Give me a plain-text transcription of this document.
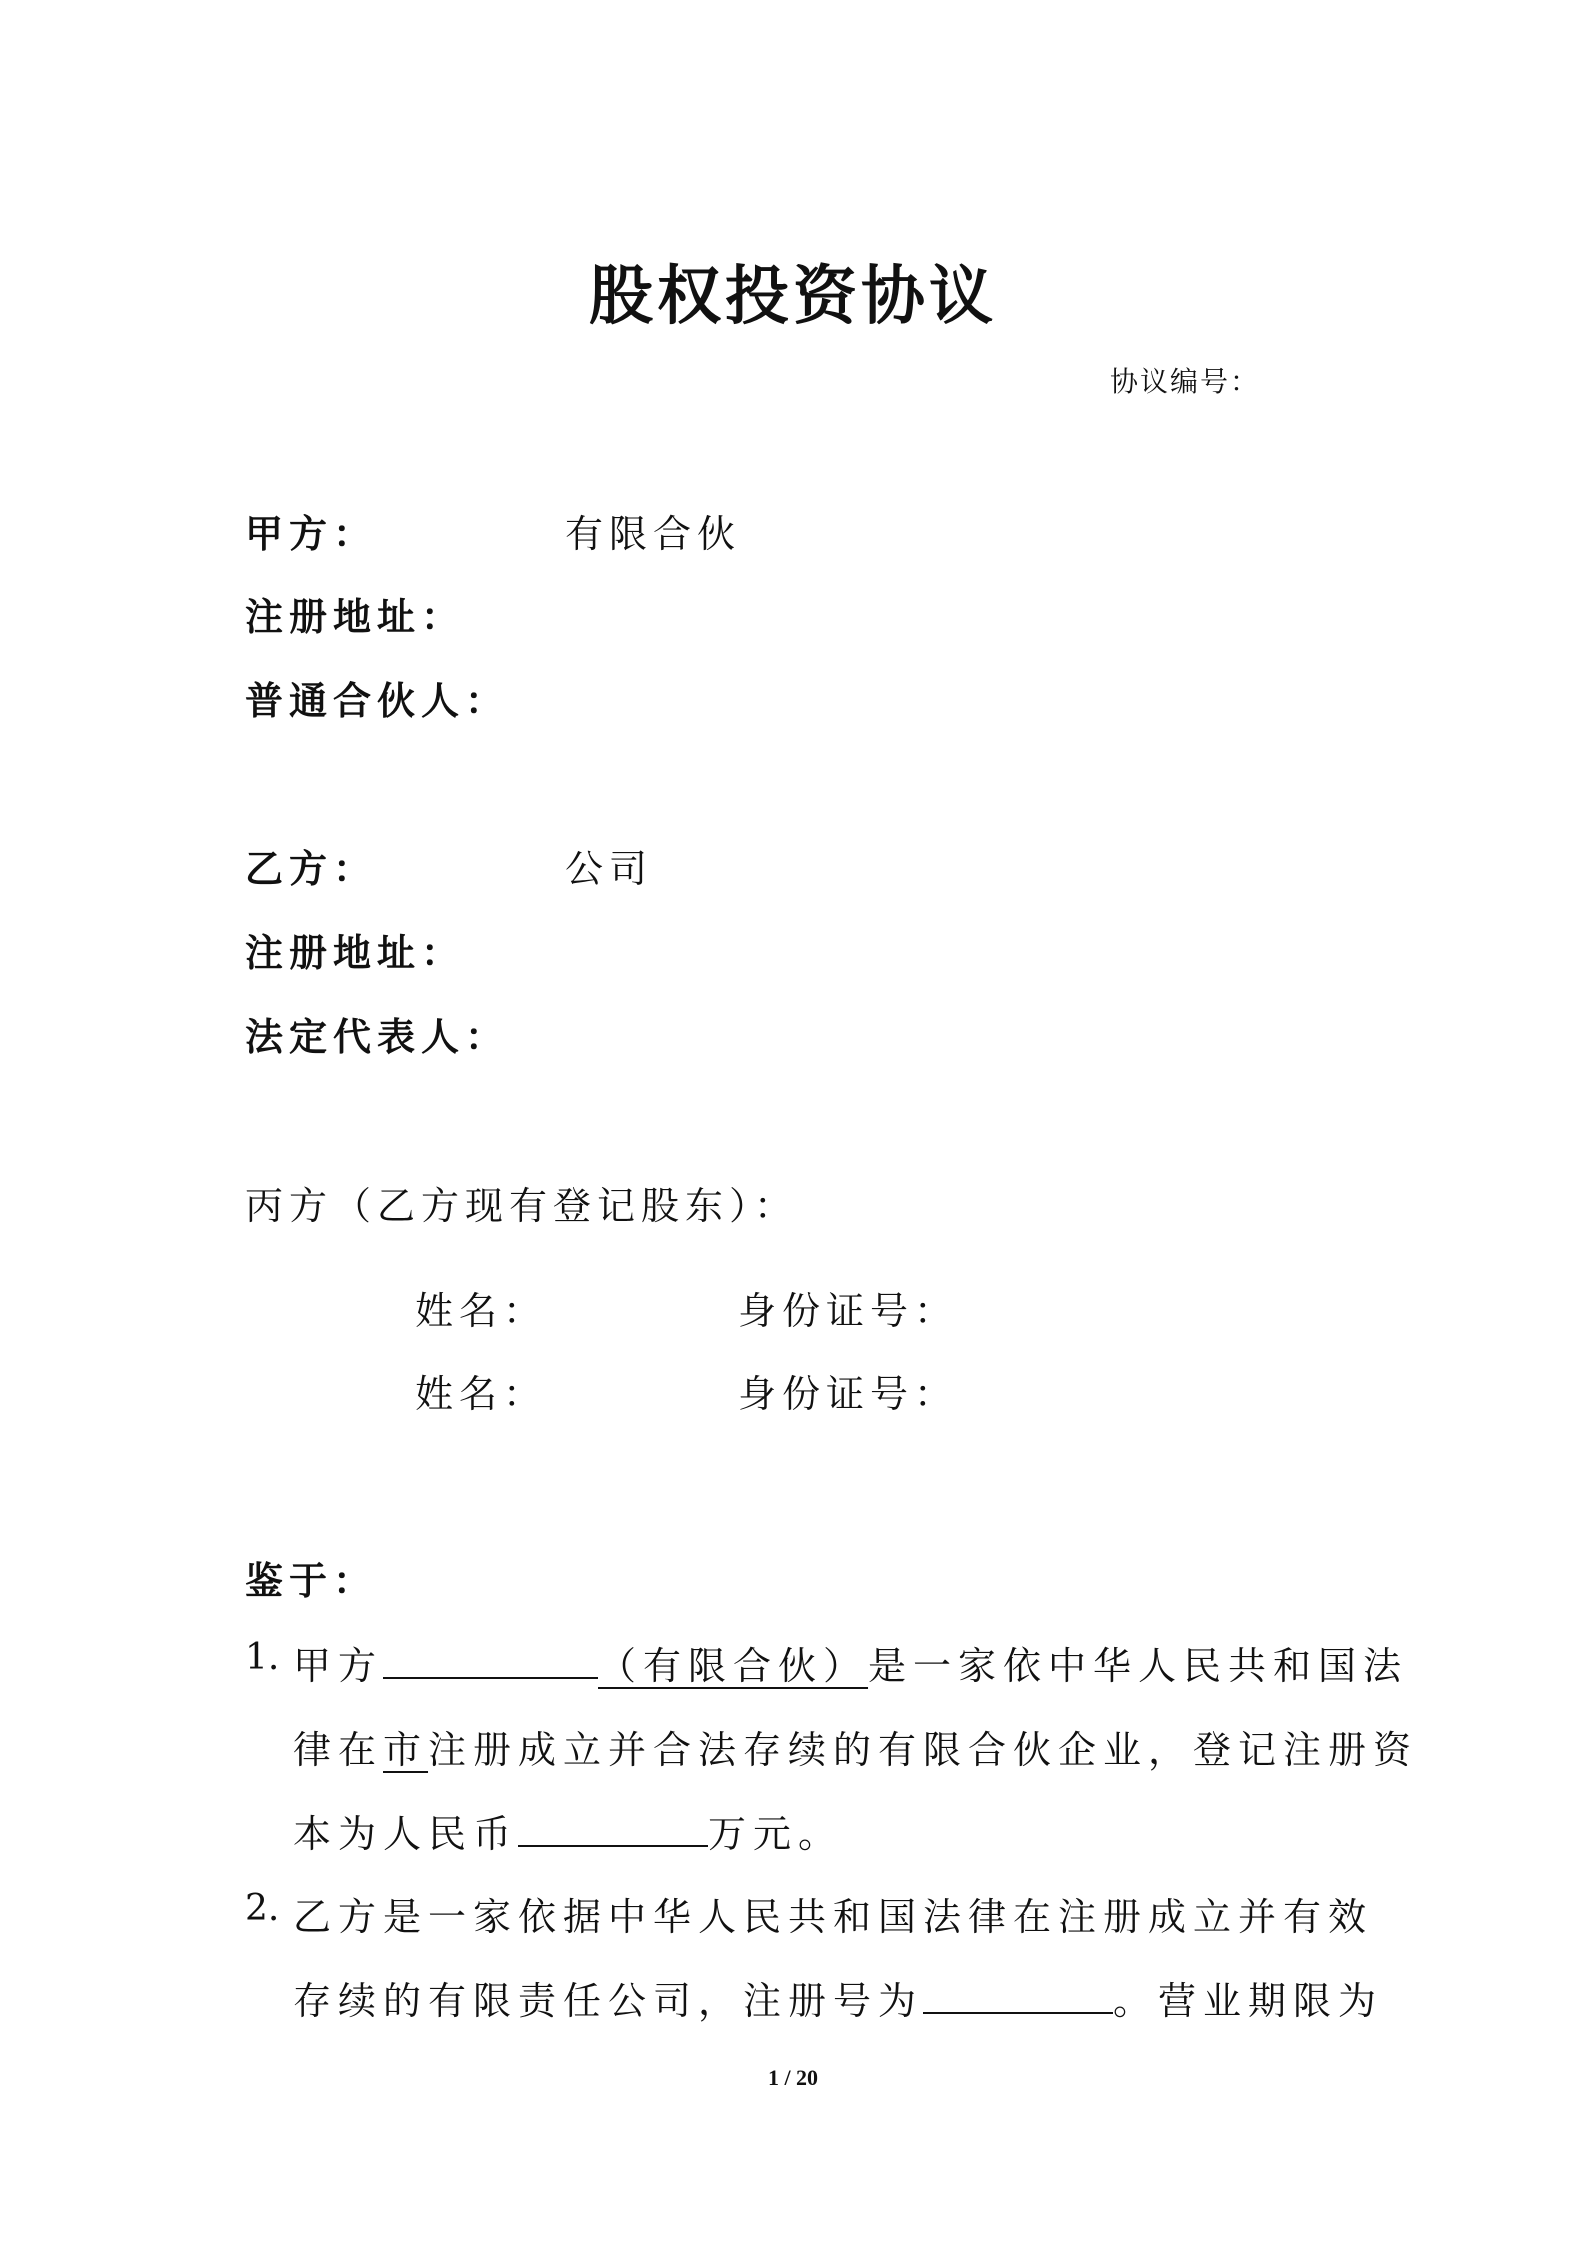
股权投资协议
协议编号：
甲方：	有限合伙
注册地址：
普通合伙人：
乙方：	公司
注册地址：
法定代表人：
丙方（乙方现有登记股东）：
姓名：	身份证号：
姓名：	身份证号：
鉴于：
1. 甲方	（有限合伙）是一家依中华人民共和国法
律在市注册成立并合法存续的有限合伙企业，登记注册资
本为人民币	万元。
2. 乙方是一家依据中华人民共和国法律在注册成立并有效
存续的有限责任公司，注册号为	。营业期限为
1 / 20
